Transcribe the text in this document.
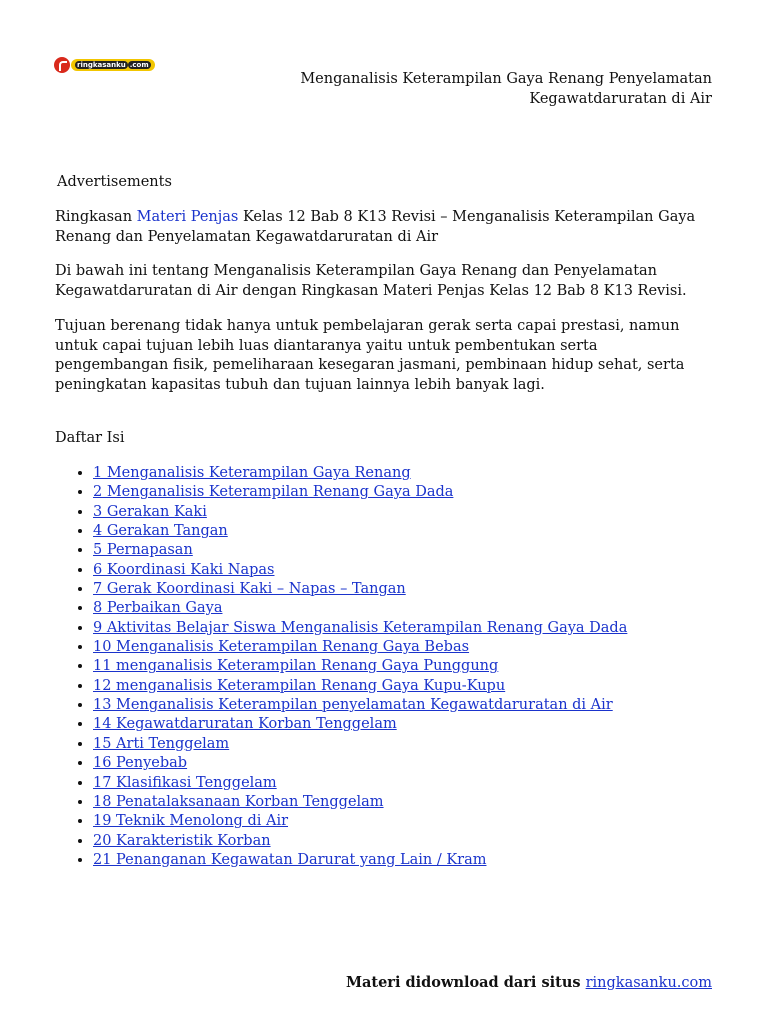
ringkasanku .com
Menganalisis Keterampilan Gaya Renang Penyelamatan
Kegawatdaruratan di Air
Advertisements

Ringkasan Materi Penjas Kelas 12 Bab 8 K13 Revisi – Menganalisis Keterampilan Gaya Renang dan Penyelamatan Kegawatdaruratan di Air

Di bawah ini tentang Menganalisis Keterampilan Gaya Renang dan Penyelamatan Kegawatdaruratan di Air dengan Ringkasan Materi Penjas Kelas 12 Bab 8 K13 Revisi.

Tujuan berenang tidak hanya untuk pembelajaran gerak serta capai prestasi, namun untuk capai tujuan lebih luas diantaranya yaitu untuk pembentukan serta pengembangan fisik, pemeliharaan kesegaran jasmani, pembinaan hidup sehat, serta peningkatan kapasitas tubuh dan tujuan lainnya lebih banyak lagi.

Daftar Isi
• 1 Menganalisis Keterampilan Gaya Renang
• 2 Menganalisis Keterampilan Renang Gaya Dada
• 3 Gerakan Kaki
• 4 Gerakan Tangan
• 5 Pernapasan
• 6 Koordinasi Kaki Napas
• 7 Gerak Koordinasi Kaki – Napas – Tangan
• 8 Perbaikan Gaya
• 9 Aktivitas Belajar Siswa Menganalisis Keterampilan Renang Gaya Dada
• 10 Menganalisis Keterampilan Renang Gaya Bebas
• 11 menganalisis Keterampilan Renang Gaya Punggung
• 12 menganalisis Keterampilan Renang Gaya Kupu-Kupu
• 13 Menganalisis Keterampilan penyelamatan Kegawatdaruratan di Air
• 14 Kegawatdaruratan Korban Tenggelam
• 15 Arti Tenggelam
• 16 Penyebab
• 17 Klasifikasi Tenggelam
• 18 Penatalaksanaan Korban Tenggelam
• 19 Teknik Menolong di Air
• 20 Karakteristik Korban
• 21 Penanganan Kegawatan Darurat yang Lain / Kram
Materi didownload dari situs ringkasanku.com
